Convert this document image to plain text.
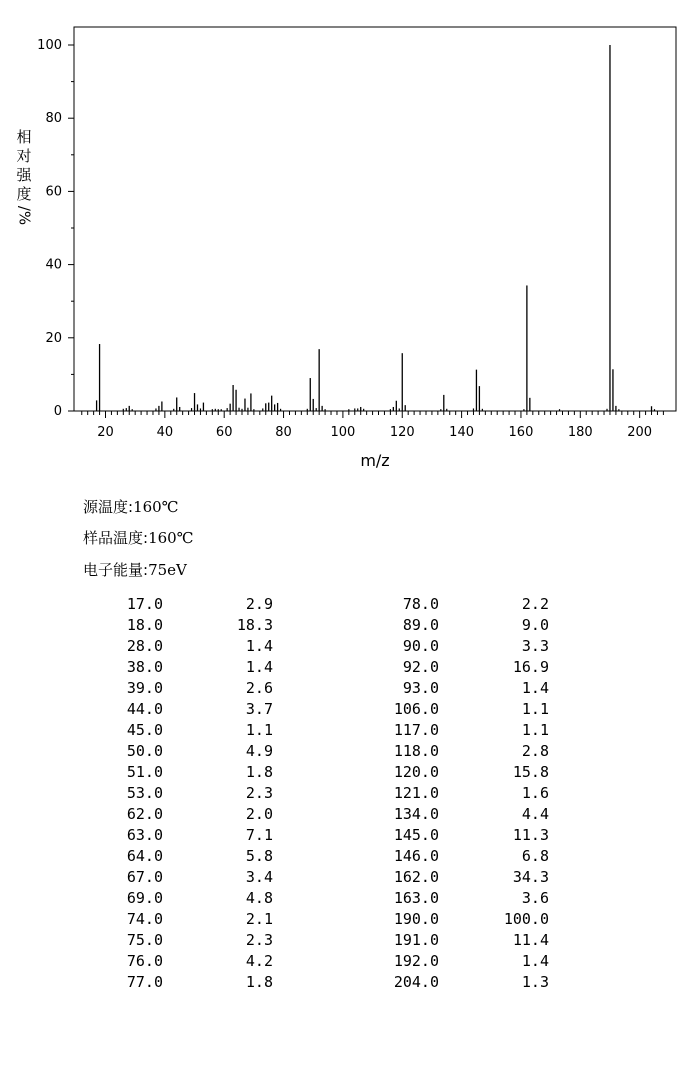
0
20
40
60
80
100
20	40	60	80	100	120	140	160	180	200
m/z
相
对
强
度
/%
源温度:160℃
样品温度:160℃
电子能量:75eV
17.0	2.9
18.0	18.3
28.0	1.4
38.0	1.4
39.0	2.6
44.0	3.7
45.0	1.1
50.0	4.9
51.0	1.8
53.0	2.3
62.0	2.0
63.0	7.1
64.0	5.8
67.0	3.4
69.0	4.8
74.0	2.1
75.0	2.3
76.0	4.2
77.0	1.8
78.0	2.2
89.0	9.0
90.0	3.3
92.0	16.9
93.0	1.4
106.0	1.1
117.0	1.1
118.0	2.8
120.0	15.8
121.0	1.6
134.0	4.4
145.0	11.3
146.0	6.8
162.0	34.3
163.0	3.6
190.0	100.0
191.0	11.4
192.0	1.4
204.0	1.3
